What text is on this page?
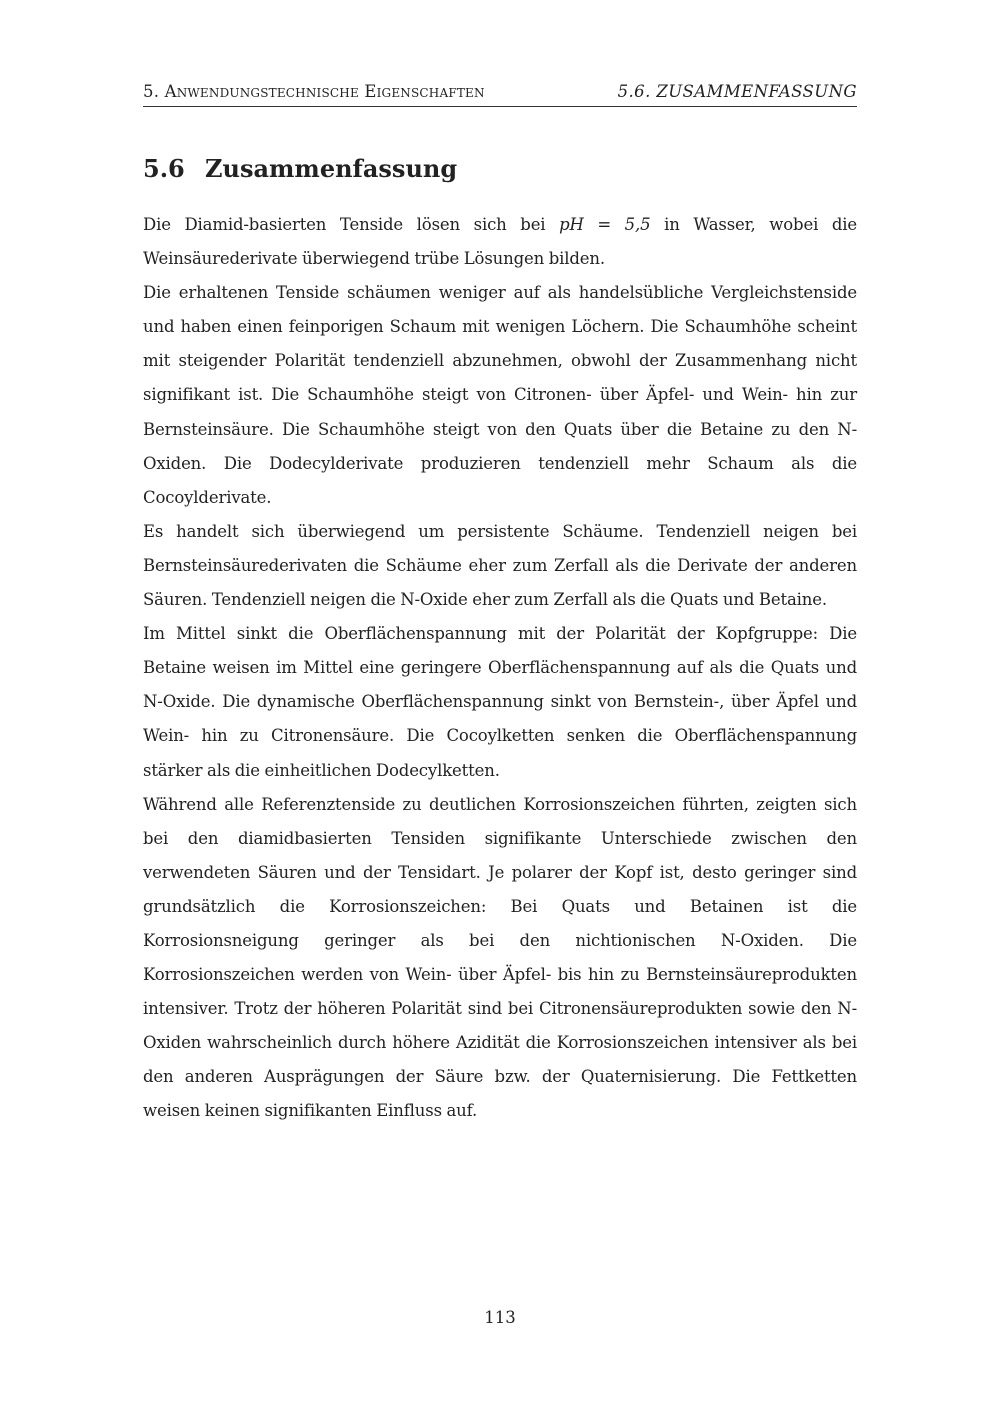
5. Anwendungstechnische Eigenschaften	5.6. ZUSAMMENFASSUNG
5.6 Zusammenfassung

Die Diamid-basierten Tenside lösen sich bei pH = 5,5 in Wasser, wobei die Weinsäurederivate überwiegend trübe Lösungen bilden.

Die erhaltenen Tenside schäumen weniger auf als handelsübliche Vergleichstenside und haben einen feinporigen Schaum mit wenigen Löchern. Die Schaumhöhe scheint mit steigender Polarität tendenziell abzunehmen, obwohl der Zusammenhang nicht signifikant ist. Die Schaumhöhe steigt von Citronen- über Äpfel- und Wein- hin zur Bernsteinsäure. Die Schaumhöhe steigt von den Quats über die Betaine zu den N-Oxiden. Die Dodecylderivate produzieren tendenziell mehr Schaum als die Cocoylderivate.

Es handelt sich überwiegend um persistente Schäume. Tendenziell neigen bei Bernsteinsäurederivaten die Schäume eher zum Zerfall als die Derivate der anderen Säuren. Tendenziell neigen die N-Oxide eher zum Zerfall als die Quats und Betaine.

Im Mittel sinkt die Oberflächenspannung mit der Polarität der Kopfgruppe: Die Betaine weisen im Mittel eine geringere Oberflächenspannung auf als die Quats und N-Oxide. Die dynamische Oberflächenspannung sinkt von Bernstein-, über Äpfel und Wein- hin zu Citronensäure. Die Cocoylketten senken die Oberflächenspannung stärker als die einheitlichen Dodecylketten.

Während alle Referenztenside zu deutlichen Korrosionszeichen führten, zeigten sich bei den diamidbasierten Tensiden signifikante Unterschiede zwischen den verwendeten Säuren und der Tensidart. Je polarer der Kopf ist, desto geringer sind grundsätzlich die Korrosionszeichen: Bei Quats und Betainen ist die Korrosionsneigung geringer als bei den nichtionischen N-Oxiden. Die Korrosionszeichen werden von Wein- über Äpfel- bis hin zu Bernsteinsäureprodukten intensiver. Trotz der höheren Polarität sind bei Citronensäureprodukten sowie den N-Oxiden wahrscheinlich durch höhere Azidität die Korrosionszeichen intensiver als bei den anderen Ausprägungen der Säure bzw. der Quaternisierung. Die Fettketten weisen keinen signifikanten Einfluss auf.

113
